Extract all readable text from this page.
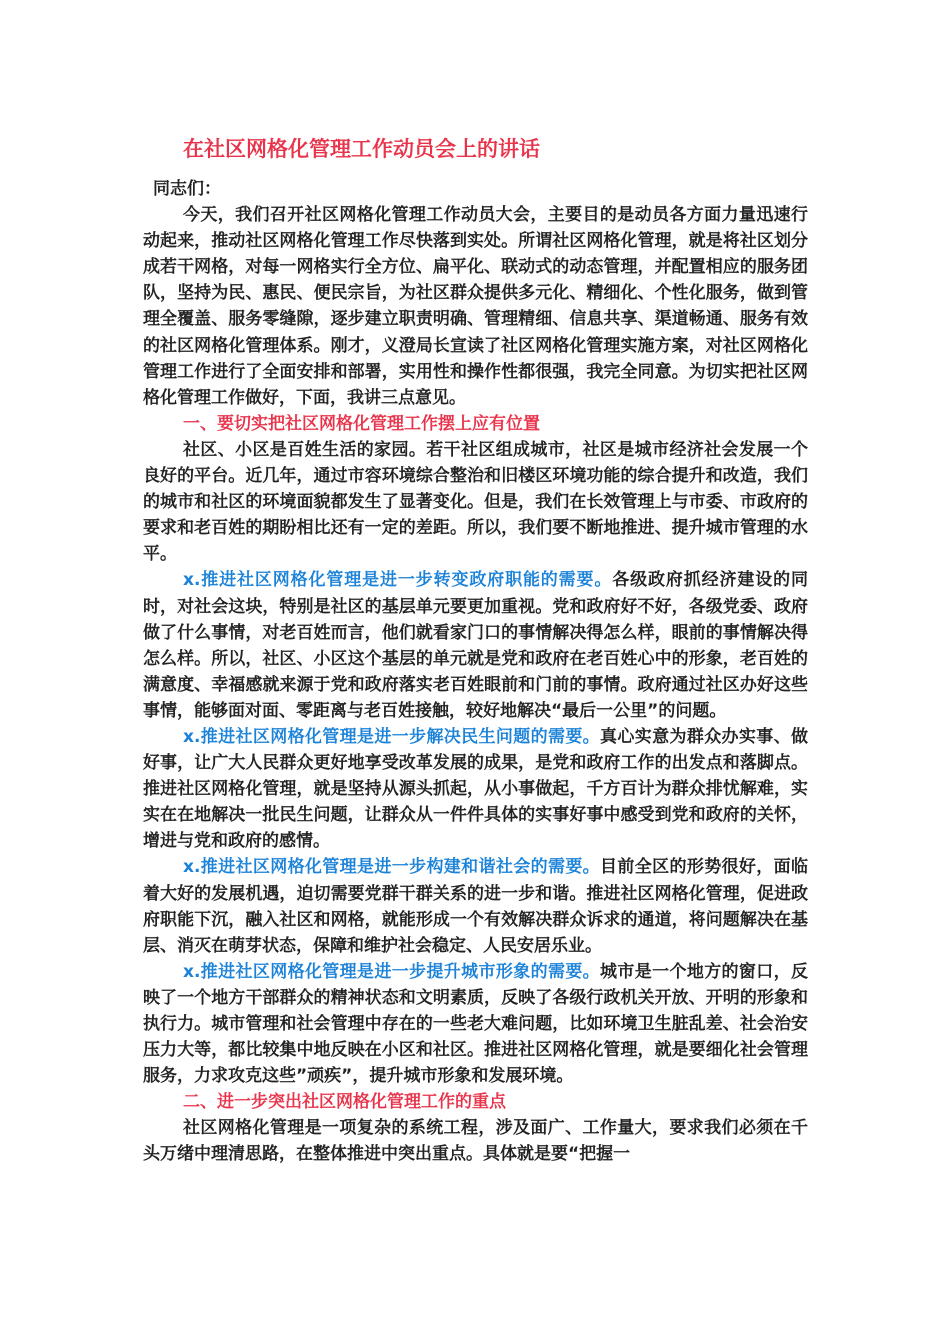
在社区网格化管理工作动员会上的讲话

同志们：

今天，我们召开社区网格化管理工作动员大会，主要目的是动员各方面力量迅速行动起来，推动社区网格化管理工作尽快落到实处。所谓社区网格化管理，就是将社区划分成若干网格，对每一网格实行全方位、扁平化、联动式的动态管理，并配置相应的服务团队，坚持为民、惠民、便民宗旨，为社区群众提供多元化、精细化、个性化服务，做到管理全覆盖、服务零缝隙，逐步建立职责明确、管理精细、信息共享、渠道畅通、服务有效的社区网格化管理体系。刚才，义澄局长宣读了社区网格化管理实施方案，对社区网格化管理工作进行了全面安排和部署，实用性和操作性都很强，我完全同意。为切实把社区网格化管理工作做好，下面，我讲三点意见。

一、要切实把社区网格化管理工作摆上应有位置

社区、小区是百姓生活的家园。若干社区组成城市，社区是城市经济社会发展一个良好的平台。近几年，通过市容环境综合整治和旧楼区环境功能的综合提升和改造，我们的城市和社区的环境面貌都发生了显著变化。但是，我们在长效管理上与市委、市政府的要求和老百姓的期盼相比还有一定的差距。所以，我们要不断地推进、提升城市管理的水平。

x.推进社区网格化管理是进一步转变政府职能的需要。各级政府抓经济建设的同时，对社会这块，特别是社区的基层单元要更加重视。党和政府好不好，各级党委、政府做了什么事情，对老百姓而言，他们就看家门口的事情解决得怎么样，眼前的事情解决得怎么样。所以，社区、小区这个基层的单元就是党和政府在老百姓心中的形象，老百姓的满意度、幸福感就来源于党和政府落实老百姓眼前和门前的事情。政府通过社区办好这些事情，能够面对面、零距离与老百姓接触，较好地解决“最后一公里”的问题。

x.推进社区网格化管理是进一步解决民生问题的需要。真心实意为群众办实事、做好事，让广大人民群众更好地享受改革发展的成果，是党和政府工作的出发点和落脚点。推进社区网格化管理，就是坚持从源头抓起，从小事做起，千方百计为群众排忧解难，实实在在地解决一批民生问题，让群众从一件件具体的实事好事中感受到党和政府的关怀，增进与党和政府的感情。

x.推进社区网格化管理是进一步构建和谐社会的需要。目前全区的形势很好，面临着大好的发展机遇，迫切需要党群干群关系的进一步和谐。推进社区网格化管理，促进政府职能下沉，融入社区和网格，就能形成一个有效解决群众诉求的通道，将问题解决在基层、消灭在萌芽状态，保障和维护社会稳定、人民安居乐业。

x.推进社区网格化管理是进一步提升城市形象的需要。城市是一个地方的窗口，反映了一个地方干部群众的精神状态和文明素质，反映了各级行政机关开放、开明的形象和执行力。城市管理和社会管理中存在的一些老大难问题，比如环境卫生脏乱差、社会治安压力大等，都比较集中地反映在小区和社区。推进社区网格化管理，就是要细化社会管理服务，力求攻克这些”顽疾”，提升城市形象和发展环境。

二、进一步突出社区网格化管理工作的重点

社区网格化管理是一项复杂的系统工程，涉及面广、工作量大，要求我们必须在千头万绪中理清思路，在整体推进中突出重点。具体就是要“把握一
